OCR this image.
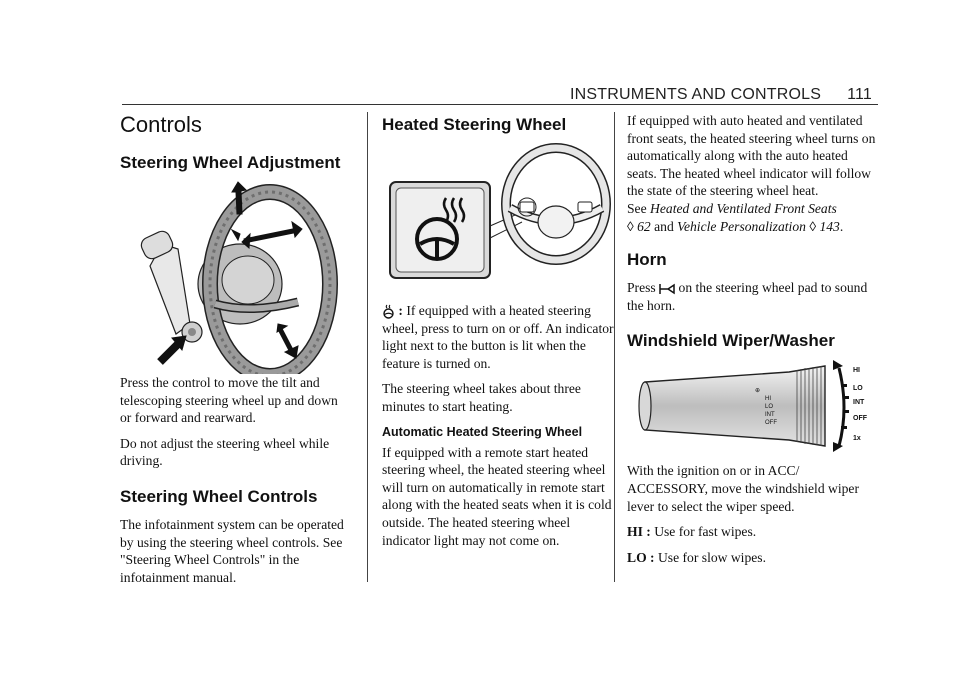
INSTRUMENTS AND CONTROLS 111
Controls
Steering Wheel Adjustment

Press the control to move the tilt and telescoping steering wheel up and down or forward and rearward.

Do not adjust the steering wheel while driving.

Steering Wheel Controls

The infotainment system can be operated by using the steering wheel controls. See "Steering Wheel Controls" in the infotainment manual.

Heated Steering Wheel

: If equipped with a heated steering wheel, press to turn on or off. An indicator light next to the button is lit when the feature is turned on.

The steering wheel takes about three minutes to start heating.

Automatic Heated Steering Wheel

If equipped with a remote start heated steering wheel, the heated steering wheel will turn on automatically in remote start along with the heated seats when it is cold outside. The heated steering wheel indicator light may not come on.

If equipped with auto heated and ventilated front seats, the heated steering wheel turns on automatically along with the auto heated seats. The heated wheel indicator will follow the state of the steering wheel heat.
See Heated and Ventilated Front Seats
◊ 62 and Vehicle Personalization ◊ 143.

Horn

Press on the steering wheel pad to sound the horn.

Windshield Wiper/Washer
⊕
HI
LO
INT
OFF
HI
LO
INT
OFF
1x

With the ignition on or in ACC/ ACCESSORY, move the windshield wiper lever to select the wiper speed.

HI : Use for fast wipes.

LO : Use for slow wipes.
